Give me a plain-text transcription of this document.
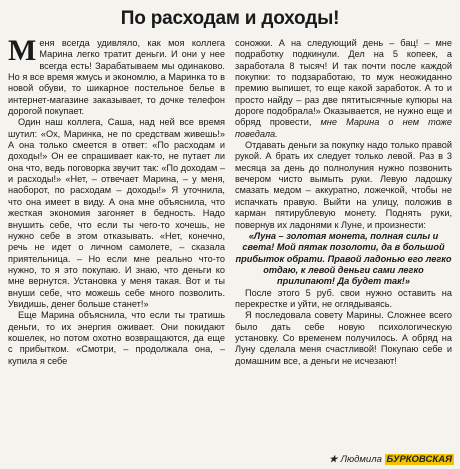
По расходам и доходы!

Меня всегда удивляло, как моя коллега Марина легко тратит деньги. И они у нее всегда есть! Зарабатываем мы одинаково. Но я все время жмусь и экономлю, а Маринка то в новой обуви, то шикарное постельное белье в интернет-магазине заказывает, то дочке телефон дорогой покупает.

Один наш коллега, Саша, над ней все время шутил: «Ох, Маринка, не по средствам живешь!» А она только смеется в ответ: «По расходам и доходы!» Он ее спрашивает как-то, не путает ли она что, ведь поговорка звучит так: «По доходам – и расходы!» «Нет, – отвечает Марина, – у меня, наоборот, по расходам – доходы!» Я уточнила, что она имеет в виду. А она мне объяснила, что жесткая экономия загоняет в бедность. Надо внушить себе, что если ты чего-то хочешь, не нужно себе в этом отказывать. «Нет, конечно, речь не идет о личном самолете, – сказала приятельница. – Но если мне реально что-то нужно, то я это покупаю. И знаю, что деньги ко мне вернутся. Установка у меня такая. Вот и ты внуши себе, что можешь себе много позволить. Увидишь, денег больше станет!»

Еще Марина объяснила, что если ты тратишь деньги, то их энергия оживает. Они покидают кошелек, но потом охотно возвращаются, да еще с прибытком. «Смотри, – продолжала она, – купила я себе

соножки. А на следующий день – бац! – мне подработку подкинули. Дел на 5 копеек, а заработала 8 тысяч! И так почти после каждой покупки: то подзаработаю, то муж неожиданно премию выпишет, то еще какой заработок. А то и просто найду – раз две пятитысячные купюры на дороге подобрала!» Оказывается, не нужно еще и обряд провести, мне Марина о нем тоже поведала.

Отдавать деньги за покупку надо только правой рукой. А брать их следует только левой. Раз в 3 месяца за день до полнолуния нужно позвонить вечером чисто вымыть руки. Левую ладошку смазать медом – аккуратно, ложечкой, чтобы не испачкать правую. Выйти на улицу, положив в карман пятирублевую монету. Поднять руки, повернув их ладонями к Луне, и произнести:

«Луна – золотая монета, полная силы и света! Мой пятак позолоти, да в большой прибыток обрати. Правой ладонью его легко отдаю, к левой деньги сами легко прилипают! Да будет так!»

После этого 5 руб. свои нужно оставить на перекрестке и уйти, не оглядываясь.

Я последовала совету Марины. Сложнее всего было дать себе новую психологическую установку. Со временем получилось. А обряд на Луну сделала меня счастливой! Покупаю себе и домашним все, а деньги не исчезают!

★ Людмила БУРКОВСКАЯ
